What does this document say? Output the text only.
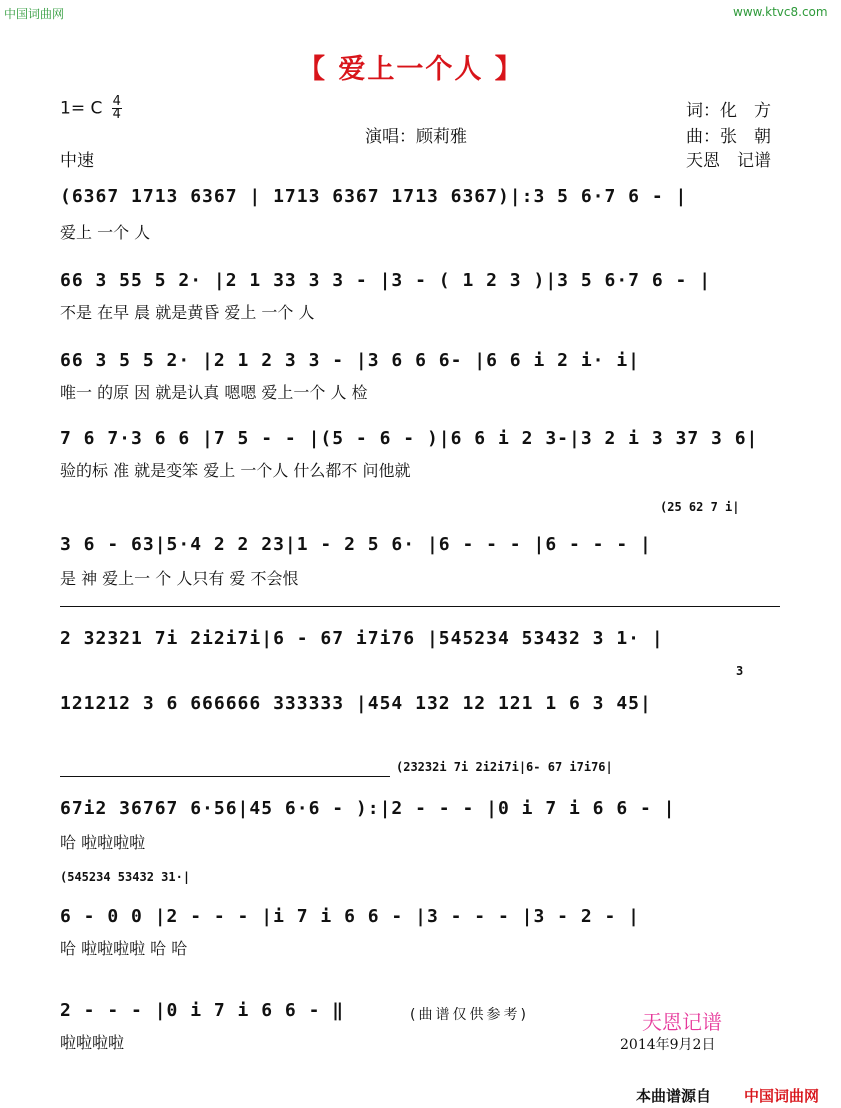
中国词曲网	www.ktvc8.com
【 爱上一个人 】
1= C $\frac{4}{4}$
中速
演唱：顾莉雅
词：化　方
曲：张　朝
天恩　记谱
(6367 1713 6367 | 1713 6367 1713 6367)|:3 5 6·7 6 - |
爱上 一个 人
66 3 55 5 2· |2 1 33 3 3 - |3 - ( 1 2 3 )|3 5 6·7 6 - |
不是 在早 晨 就是黄昏 爱上 一个 人
66 3 5 5 2· |2 1 2 3 3 - |3 6 6 6- |6 6 i 2 i· i|
唯一 的原 因 就是认真 嗯嗯 爱上一个 人 检
7 6 7·3 6 6 |7 5 - - |(5 - 6 - )|6 6 i 2 3-|3 2 i 3 37 3 6|
验的标 准 就是变笨 爱上 一个人 什么都不 问他就
(25 62 7 i|
3 6 - 63|5·4 2 2 23|1 - 2 5 6· |6 - - - |6 - - - |
是 神 爱上一 个 人只有 爱 不会恨
2 32321 7i 2i2i7i|6 - 67 i7i76 |545234 53432 3 1· |
3
121212 3 6 666666 333333 |454 132 12 121 1 6 3 45|
(23232i 7i 2i2i7i|6- 67 i7i76|
67i2 36767 6·56|45 6·6 - ):|2 - - - |0 i 7 i 6 6 - |
哈 啦啦啦啦
(545234 53432 31·|
6 - 0 0 |2 - - - |i 7 i 6 6 - |3 - - - |3 - 2 - |
哈 啦啦啦啦 哈 哈
2 - - - |0 i 7 i 6 6 - ‖
啦啦啦啦
(曲谱仅供参考)	天恩记谱
2014年9月2日
本曲谱源自 中国词曲网
